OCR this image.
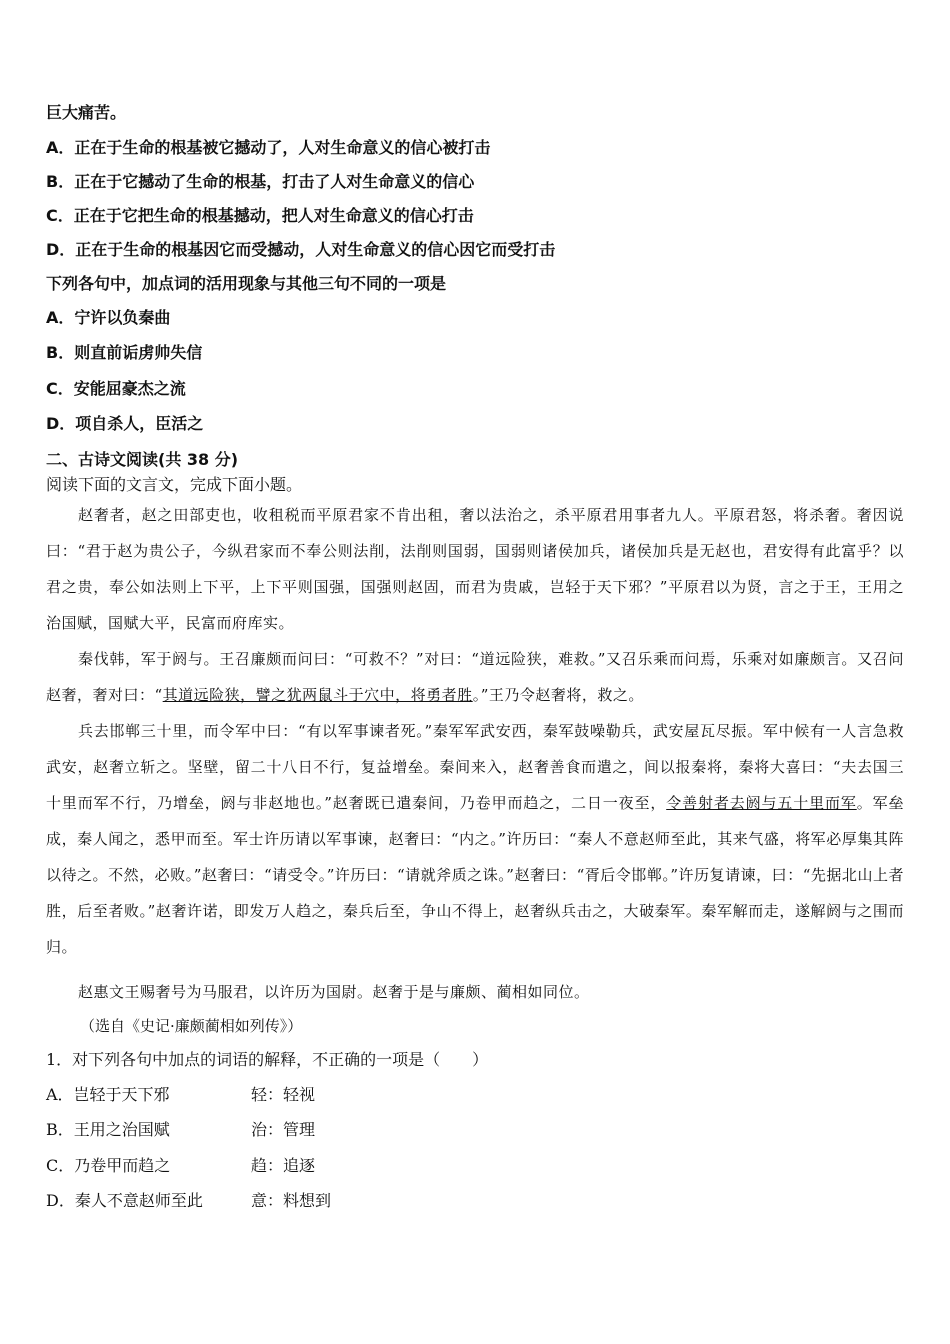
巨大痛苦。
A．正在于生命的根基被它撼动了，人对生命意义的信心被打击
B．正在于它撼动了生命的根基，打击了人对生命意义的信心
C．正在于它把生命的根基撼动，把人对生命意义的信心打击
D．正在于生命的根基因它而受撼动，人对生命意义的信心因它而受打击
下列各句中，加点词的活用现象与其他三句不同的一项是
A．宁许以负秦曲
B．则直前诟虏帅失信
C．安能屈豪杰之流
D．项自杀人，臣活之
二、古诗文阅读(共 38 分)
阅读下面的文言文，完成下面小题。
赵奢者，赵之田部吏也，收租税而平原君家不肯出租，奢以法治之，杀平原君用事者九人。平原君怒，将杀奢。奢因说曰：“君于赵为贵公子，今纵君家而不奉公则法削，法削则国弱，国弱则诸侯加兵，诸侯加兵是无赵也，君安得有此富乎？以君之贵，奉公如法则上下平，上下平则国强，国强则赵固，而君为贵戚，岂轻于天下邪？”平原君以为贤，言之于王，王用之治国赋，国赋大平，民富而府库实。
秦伐韩，军于阏与。王召廉颇而问曰：“可救不？”对曰：“道远险狭，难救。”又召乐乘而问焉，乐乘对如廉颇言。又召问赵奢，奢对曰：“其道远险狭，譬之犹两鼠斗于穴中，将勇者胜。”王乃令赵奢将，救之。
兵去邯郸三十里，而令军中曰：“有以军事谏者死。”秦军军武安西，秦军鼓噪勒兵，武安屋瓦尽振。军中候有一人言急救武安，赵奢立斩之。坚壁，留二十八日不行，复益增垒。秦间来入，赵奢善食而遣之，间以报秦将，秦将大喜曰：“夫去国三十里而军不行，乃增垒，阏与非赵地也。”赵奢既已遣秦间，乃卷甲而趋之，二日一夜至，令善射者去阏与五十里而军。军垒成，秦人闻之，悉甲而至。军士许历请以军事谏，赵奢曰：“内之。”许历曰：“秦人不意赵师至此，其来气盛，将军必厚集其阵以待之。不然，必败。”赵奢曰：“请受令。”许历曰：“请就斧质之诛。”赵奢曰：“胥后令邯郸。”许历复请谏，曰：“先据北山上者胜，后至者败。”赵奢许诺，即发万人趋之，秦兵后至，争山不得上，赵奢纵兵击之，大破秦军。秦军解而走，遂解阏与之围而归。
赵惠文王赐奢号为马服君，以许历为国尉。赵奢于是与廉颇、蔺相如同位。
（选自《史记·廉颇蔺相如列传》）
1．对下列各句中加点的词语的解释，不正确的一项是（　　）
A．岂轻于天下邪	轻：轻视
B．王用之治国赋	治：管理
C．乃卷甲而趋之	趋：追逐
D．秦人不意赵师至此	意：料想到
